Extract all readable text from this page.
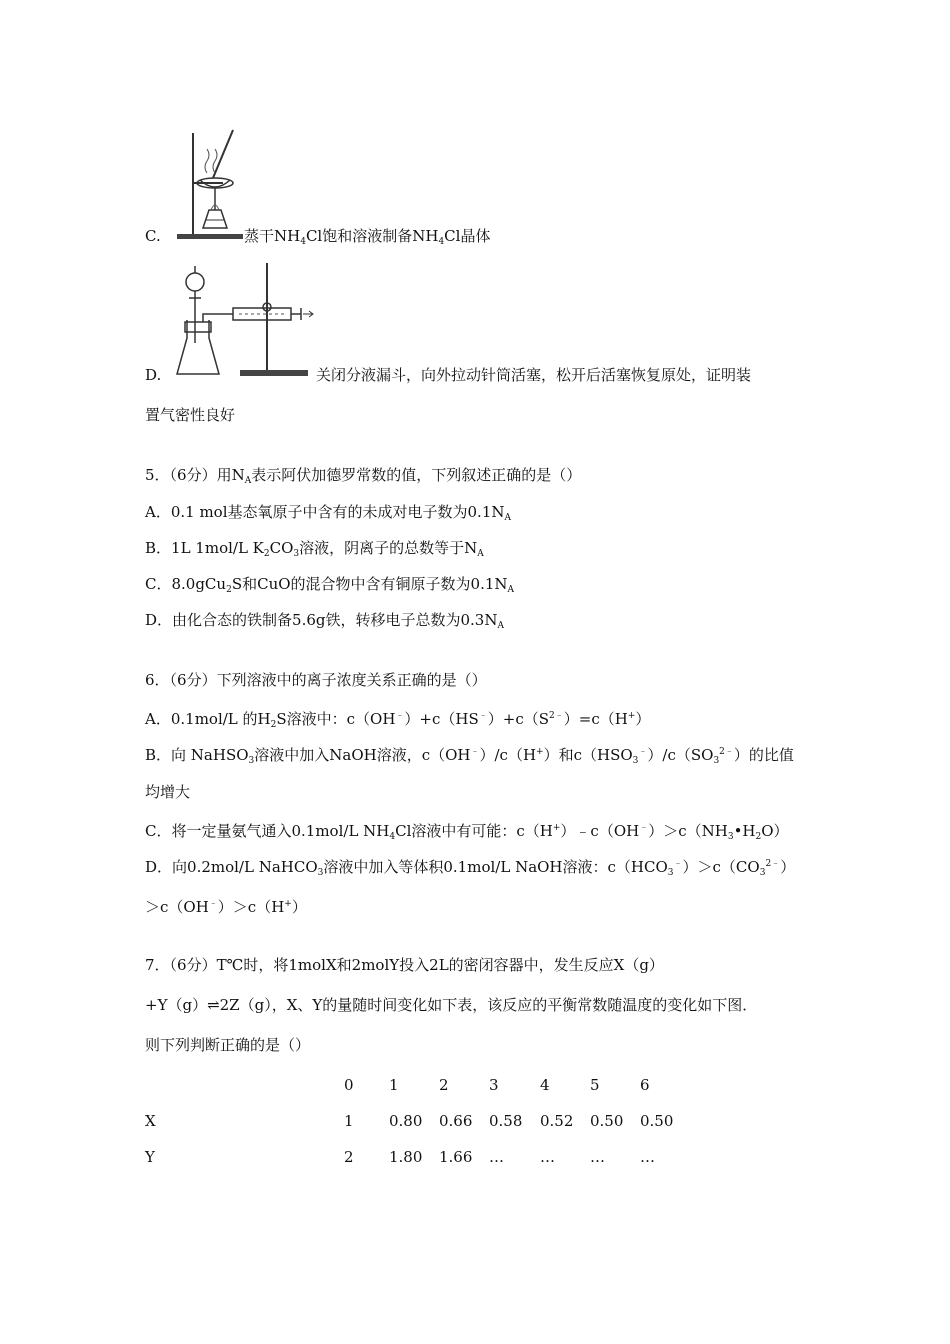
C.	蒸干$NH_4Cl$饱和溶液制备$NH_4Cl$晶体
D.	关闭分液漏斗，向外拉动针筒活塞，松开后活塞恢复原处，证明装
置气密性良好
5．（6分）用$N_A$表示阿伏加德罗常数的值，下列叙述正确的是（）
A．0.1 mol基态氧原子中含有的未成对电子数为$0.1N_A$
B．1L 1mol/L $K_2CO_3$溶液，阴离子的总数等于$N_A$
C．8.0gCu$_2$S和CuO的混合物中含有铜原子数为$0.1N_A$
D．由化合态的铁制备5.6g铁，转移电子总数为$0.3N_A$
6．（6分）下列溶液中的离子浓度关系正确的是（）
A．0.1mol/L 的$H_2S$溶液中：$c(OH^﹣)+c(HS^﹣)+c(S^{2﹣})=c(H^+)$
B．向 NaHSO$_3$溶液中加入NaOH溶液，c（OH﹣）/c（H+）和$c(HSO_3^﹣)/c(SO_3^{2﹣})$的比值
均增大
C．将一定量氨气通入0.1mol/L $NH_4Cl$溶液中有可能：$c(H^+)﹣c(OH^﹣)>c(NH_3•H_2O)$
D．向0.2mol/L NaHCO$_3$溶液中加入等体积0.1mol/L NaOH溶液：$c(HCO_3^﹣)>c(CO_3^{2﹣})$
＞c（OH﹣）＞c（H+）
7．（6分）T℃时，将1molX和2molY投入2L的密闭容器中，发生反应X（g）
+Y（g）⇌2Z（g），X、Y的量随时间变化如下表，该反应的平衡常数随温度的变化如下图．
则下列判断正确的是（）
0 1	2	3	4	5	6
X	1 0.80 0.66 0.58 0.52 0.50 0.50
Y	2 1.80 1.66 … … … …
